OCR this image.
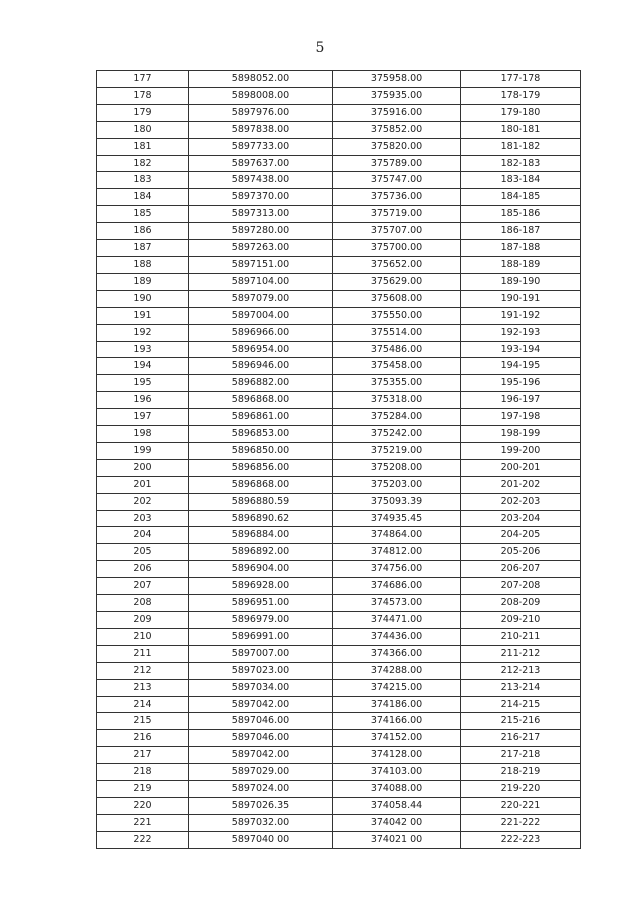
5
177	5898052.00	375958.00	177-178
178	5898008.00	375935.00	178-179
179	5897976.00	375916.00	179-180
180	5897838.00	375852.00	180-181
181	5897733.00	375820.00	181-182
182	5897637.00	375789.00	182-183
183	5897438.00	375747.00	183-184
184	5897370.00	375736.00	184-185
185	5897313.00	375719.00	185-186
186	5897280.00	375707.00	186-187
187	5897263.00	375700.00	187-188
188	5897151.00	375652.00	188-189
189	5897104.00	375629.00	189-190
190	5897079.00	375608.00	190-191
191	5897004.00	375550.00	191-192
192	5896966.00	375514.00	192-193
193	5896954.00	375486.00	193-194
194	5896946.00	375458.00	194-195
195	5896882.00	375355.00	195-196
196	5896868.00	375318.00	196-197
197	5896861.00	375284.00	197-198
198	5896853.00	375242.00	198-199
199	5896850.00	375219.00	199-200
200	5896856.00	375208.00	200-201
201	5896868.00	375203.00	201-202
202	5896880.59	375093.39	202-203
203	5896890.62	374935.45	203-204
204	5896884.00	374864.00	204-205
205	5896892.00	374812.00	205-206
206	5896904.00	374756.00	206-207
207	5896928.00	374686.00	207-208
208	5896951.00	374573.00	208-209
209	5896979.00	374471.00	209-210
210	5896991.00	374436.00	210-211
211	5897007.00	374366.00	211-212
212	5897023.00	374288.00	212-213
213	5897034.00	374215.00	213-214
214	5897042.00	374186.00	214-215
215	5897046.00	374166.00	215-216
216	5897046.00	374152.00	216-217
217	5897042.00	374128.00	217-218
218	5897029.00	374103.00	218-219
219	5897024.00	374088.00	219-220
220	5897026.35	374058.44	220-221
221	5897032.00	374042 00	221-222
222	5897040 00	374021 00	222-223
